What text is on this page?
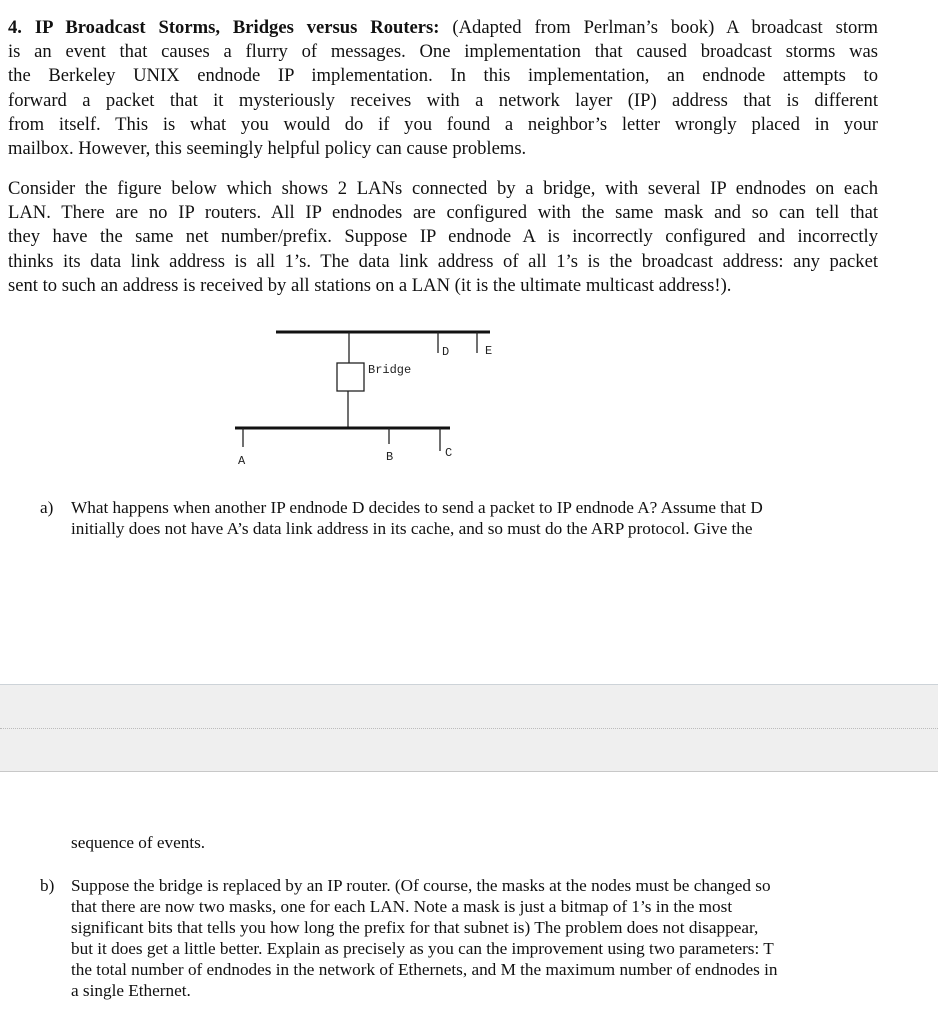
4. IP Broadcast Storms, Bridges versus Routers: (Adapted from Perlman’s book) A broadcast storm
is an event that causes a flurry of messages. One implementation that caused broadcast storms was
the Berkeley UNIX endnode IP implementation. In this implementation, an endnode attempts to
forward a packet that it mysteriously receives with a network layer (IP) address that is different
from itself. This is what you would do if you found a neighbor’s letter wrongly placed in your
mailbox. However, this seemingly helpful policy can cause problems.
Consider the figure below which shows 2 LANs connected by a bridge, with several IP endnodes on each
LAN. There are no IP routers. All IP endnodes are configured with the same mask and so can tell that
they have the same net number/prefix. Suppose IP endnode A is incorrectly configured and incorrectly
thinks its data link address is all 1’s. The data link address of all 1’s is the broadcast address: any packet
sent to such an address is received by all stations on a LAN (it is the ultimate multicast address!).
Bridge
D	E
A	B	C
a) What happens when another IP endnode D decides to send a packet to IP endnode A? Assume that D
initially does not have A’s data link address in its cache, and so must do the ARP protocol. Give the
sequence of events.
b) Suppose the bridge is replaced by an IP router. (Of course, the masks at the nodes must be changed so
that there are now two masks, one for each LAN. Note a mask is just a bitmap of 1’s in the most
significant bits that tells you how long the prefix for that subnet is) The problem does not disappear,
but it does get a little better. Explain as precisely as you can the improvement using two parameters: T
the total number of endnodes in the network of Ethernets, and M the maximum number of endnodes in
a single Ethernet.
